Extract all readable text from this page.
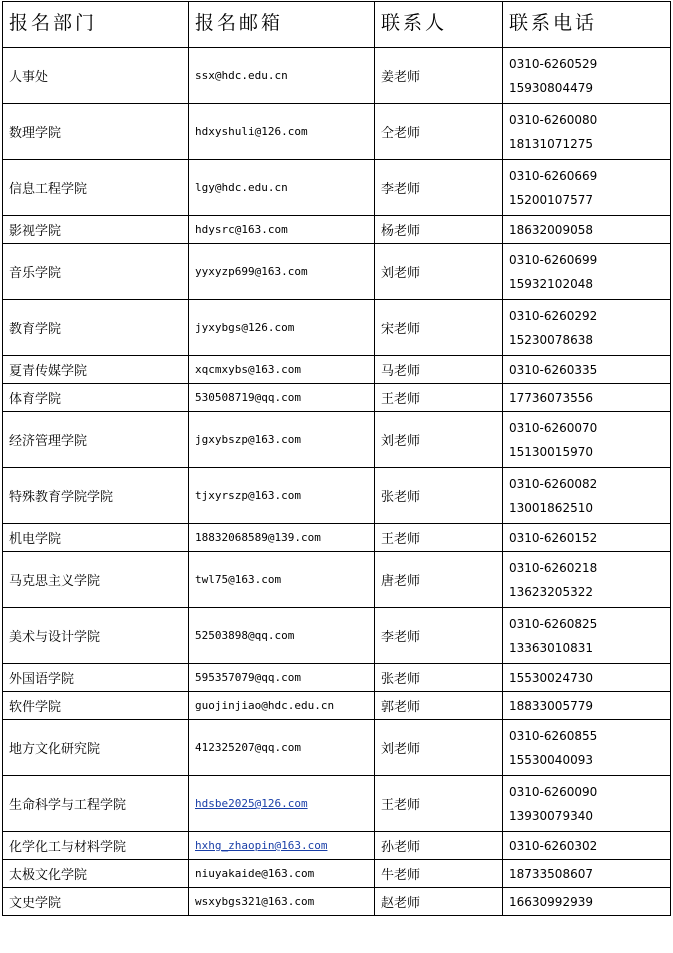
报名部门	报名邮箱	联系人	联系电话
人事处	ssx@hdc.edu.cn	姜老师	0310-6260529
15930804479

数理学院	hdxyshuli@126.com	仝老师	0310-6260080
18131071275

信息工程学院	lgy@hdc.edu.cn	李老师	0310-6260669
15200107577

影视学院	hdysrc@163.com	杨老师	18632009058

音乐学院	yyxyzp699@163.com	刘老师	0310-6260699
15932102048

教育学院	jyxybgs@126.com	宋老师	0310-6260292
15230078638

夏青传媒学院	xqcmxybs@163.com	马老师	0310-6260335

体育学院	530508719@qq.com	王老师	17736073556

经济管理学院	jgxybszp@163.com	刘老师	0310-6260070
15130015970

特殊教育学院学院	tjxyrszp@163.com	张老师	0310-6260082
13001862510

机电学院	18832068589@139.com	王老师	0310-6260152

马克思主义学院	twl75@163.com	唐老师	0310-6260218
13623205322

美术与设计学院	52503898@qq.com	李老师	0310-6260825
13363010831

外国语学院	595357079@qq.com	张老师	15530024730

软件学院	guojinjiao@hdc.edu.cn	郭老师	18833005779

地方文化研究院	412325207@qq.com	刘老师	0310-6260855
15530040093

生命科学与工程学院	hdsbe2025@126.com	王老师	0310-6260090
13930079340

化学化工与材料学院	hxhg_zhaopin@163.com	孙老师	0310-6260302

太极文化学院	niuyakaide@163.com	牛老师	18733508607

文史学院	wsxybgs321@163.com	赵老师	16630992939
